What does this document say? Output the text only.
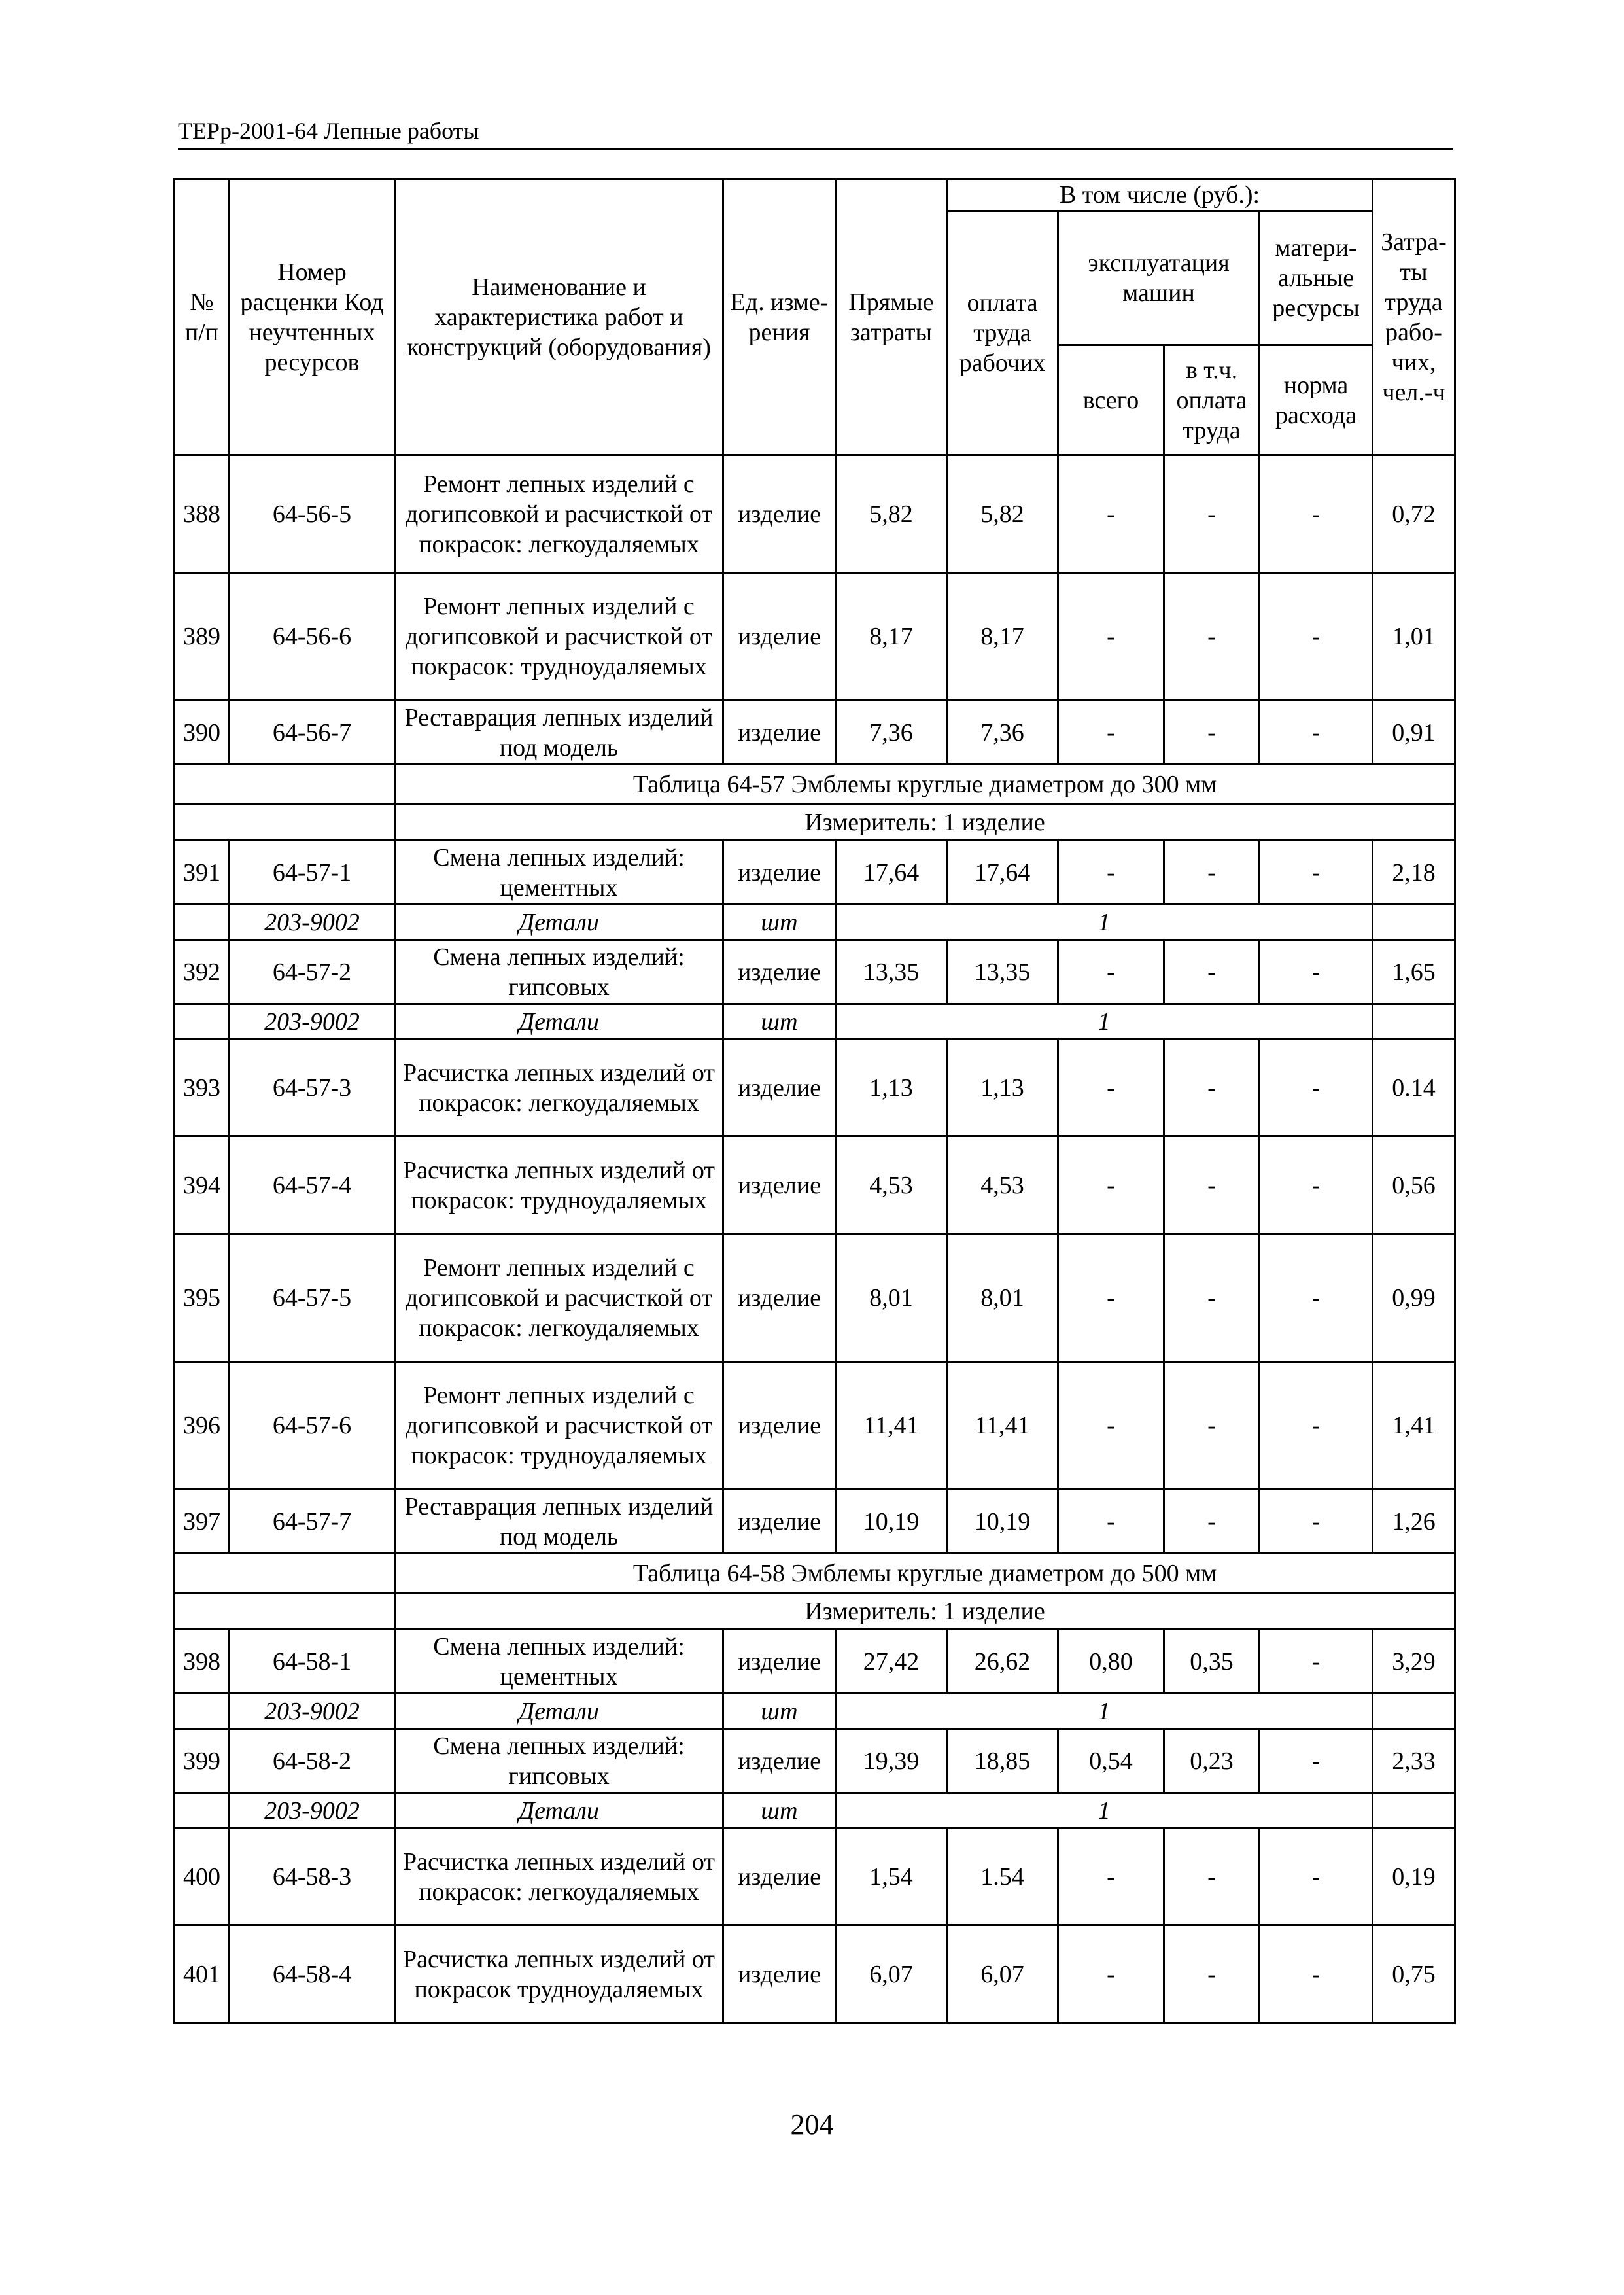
ТЕРр-2001-64 Лепные работы
№ п/п	Номер расценки Код неучтенных ресурсов	Наименование и характеристика работ и конструкций (оборудования)	Ед. изме-рения	Прямые затраты	В том числе (руб.):				Затра-ты труда рабо-чих, чел.-ч
					оплата труда рабочих	эксплуатация машин		матери-альные ресурсы	
						всего	в т.ч. оплата труда	норма расхода	
388	64-56-5	Ремонт лепных изделий с догипсовкой и расчисткой от покрасок: легкоудаляемых	изделие	5,82	5,82	-	-	-	0,72
389	64-56-6	Ремонт лепных изделий с догипсовкой и расчисткой от покрасок: трудноудаляемых	изделие	8,17	8,17	-	-	-	1,01
390	64-56-7	Реставрация лепных изделий под модель	изделие	7,36	7,36	-	-	-	0,91
		Таблица 64-57 Эмблемы круглые диаметром до 300 мм							
		Измеритель: 1 изделие							
391	64-57-1	Смена лепных изделий: цементных	изделие	17,64	17,64	-	-	-	2,18
	203-9002	Детали	шт	1					
392	64-57-2	Смена лепных изделий: гипсовых	изделие	13,35	13,35	-	-	-	1,65
	203-9002	Детали	шт	1					
393	64-57-3	Расчистка лепных изделий от покрасок: легкоудаляемых	изделие	1,13	1,13	-	-	-	0.14
394	64-57-4	Расчистка лепных изделий от покрасок: трудноудаляемых	изделие	4,53	4,53	-	-	-	0,56
395	64-57-5	Ремонт лепных изделий с догипсовкой и расчисткой от покрасок: легкоудаляемых	изделие	8,01	8,01	-	-	-	0,99
396	64-57-6	Ремонт лепных изделий с догипсовкой и расчисткой от покрасок: трудноудаляемых	изделие	11,41	11,41	-	-	-	1,41
397	64-57-7	Реставрация лепных изделий под модель	изделие	10,19	10,19	-	-	-	1,26
		Таблица 64-58 Эмблемы круглые диаметром до 500 мм							
		Измеритель: 1 изделие							
398	64-58-1	Смена лепных изделий: цементных	изделие	27,42	26,62	0,80	0,35	-	3,29
	203-9002	Детали	шт	1					
399	64-58-2	Смена лепных изделий: гипсовых	изделие	19,39	18,85	0,54	0,23	-	2,33
	203-9002	Детали	шт	1					
400	64-58-3	Расчистка лепных изделий от покрасок: легкоудаляемых	изделие	1,54	1.54	-	-	-	0,19
401	64-58-4	Расчистка лепных изделий от покрасок трудноудаляемых	изделие	6,07	6,07	-	-	-	0,75
204
